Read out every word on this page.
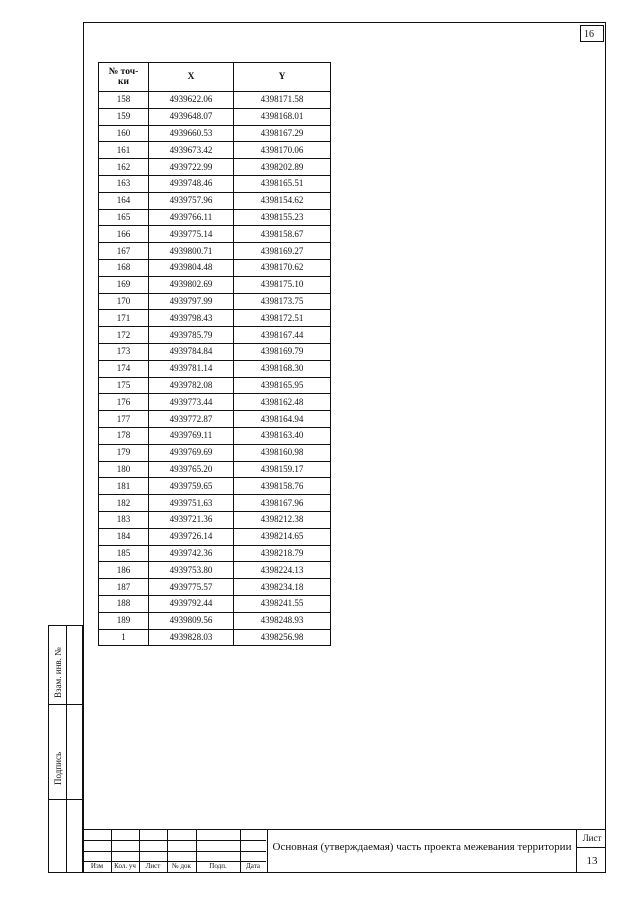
16
Взам. инв. №
Подпись
№ точ-
ки	X	Y
158	4939622.06	4398171.58
159	4939648.07	4398168.01
160	4939660.53	4398167.29
161	4939673.42	4398170.06
162	4939722.99	4398202.89
163	4939748.46	4398165.51
164	4939757.96	4398154.62
165	4939766.11	4398155.23
166	4939775.14	4398158.67
167	4939800.71	4398169.27
168	4939804.48	4398170.62
169	4939802.69	4398175.10
170	4939797.99	4398173.75
171	4939798.43	4398172.51
172	4939785.79	4398167.44
173	4939784.84	4398169.79
174	4939781.14	4398168.30
175	4939782.08	4398165.95
176	4939773.44	4398162.48
177	4939772.87	4398164.94
178	4939769.11	4398163.40
179	4939769.69	4398160.98
180	4939765.20	4398159.17
181	4939759.65	4398158.76
182	4939751.63	4398167.96
183	4939721.36	4398212.38
184	4939726.14	4398214.65
185	4939742.36	4398218.79
186	4939753.80	4398224.13
187	4939775.57	4398234.18
188	4939792.44	4398241.55
189	4939809.56	4398248.93
1	4939828.03	4398256.98
Изм	Кол. уч	Лист	№ док	Подп.	Дата
Основная (утверждаемая) часть проекта межевания территории
Лист
13
